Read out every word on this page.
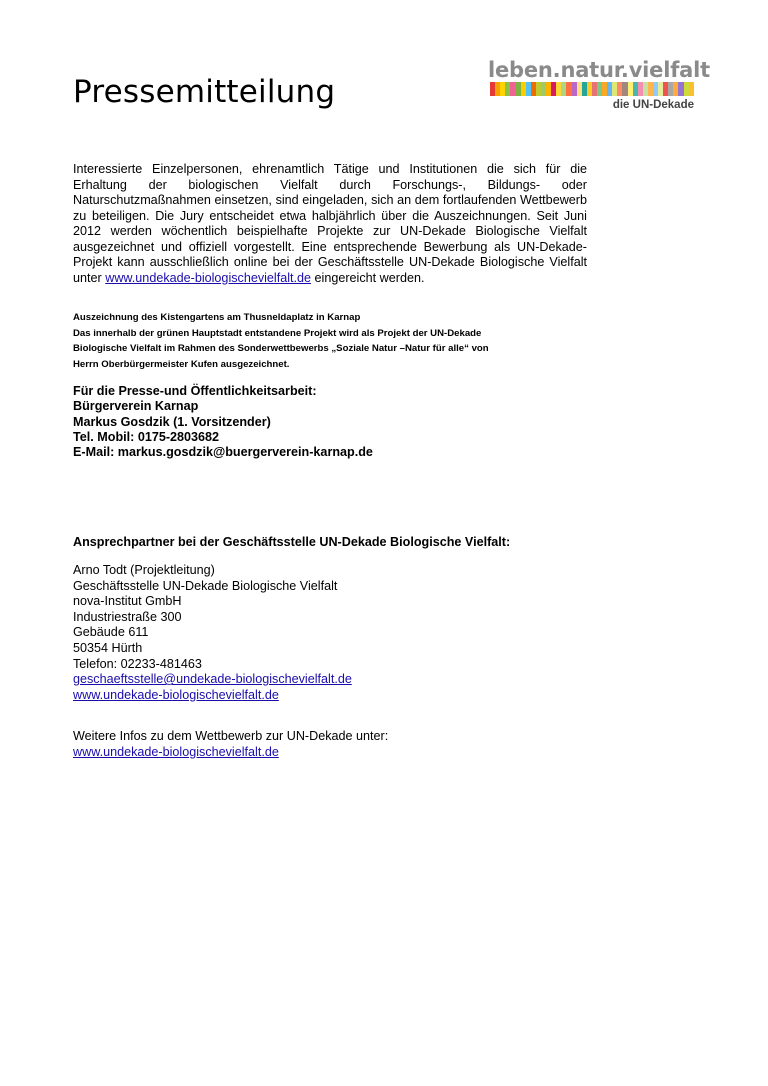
Pressemitteilung
leben.natur.vielfalt
die UN-Dekade
Interessierte Einzelpersonen, ehrenamtlich Tätige und Institutionen die sich für die Erhaltung der biologischen Vielfalt durch Forschungs-, Bildungs- oder Naturschutzmaßnahmen einsetzen, sind eingeladen, sich an dem fortlaufenden Wettbewerb zu beteiligen. Die Jury entscheidet etwa halbjährlich über die Auszeichnungen. Seit Juni 2012 werden wöchentlich beispielhafte Projekte zur UN-Dekade Biologische Vielfalt ausgezeichnet und offiziell vorgestellt. Eine entsprechende Bewerbung als UN-Dekade-Projekt kann ausschließlich online bei der Geschäftsstelle UN-Dekade Biologische Vielfalt unter www.undekade-biologischevielfalt.de eingereicht werden.
Auszeichnung des Kistengartens am Thusneldaplatz in Karnap
Das innerhalb der grünen Hauptstadt entstandene Projekt wird als Projekt der UN-Dekade
Biologische Vielfalt im Rahmen des Sonderwettbewerbs „Soziale Natur –Natur für alle“ von
Herrn Oberbürgermeister Kufen ausgezeichnet.
Für die Presse-und Öffentlichkeitsarbeit:
Bürgerverein Karnap
Markus Gosdzik (1. Vorsitzender)
Tel. Mobil: 0175-2803682
E-Mail: markus.gosdzik@buergerverein-karnap.de
Ansprechpartner bei der Geschäftsstelle UN-Dekade Biologische Vielfalt:
Arno Todt (Projektleitung)
Geschäftsstelle UN-Dekade Biologische Vielfalt
nova-Institut GmbH
Industriestraße 300
Gebäude 611
50354 Hürth
Telefon: 02233-481463
geschaeftsstelle@undekade-biologischevielfalt.de
www.undekade-biologischevielfalt.de
Weitere Infos zu dem Wettbewerb zur UN-Dekade unter:
www.undekade-biologischevielfalt.de
